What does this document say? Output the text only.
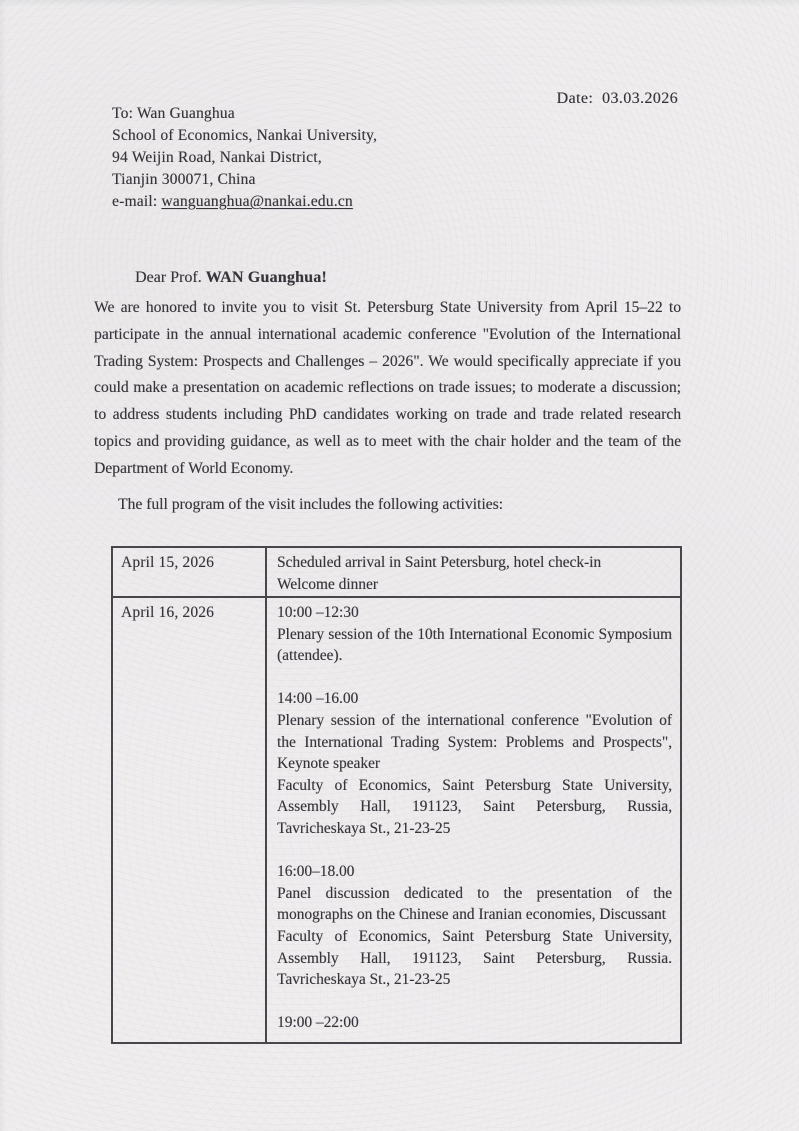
Date:  03.03.2026
To: Wan Guanghua
School of Economics, Nankai University,
94 Weijin Road, Nankai District,
Tianjin 300071, China
e-mail: wanguanghua@nankai.edu.cn

Dear Prof. WAN Guanghua!

We are honored to invite you to visit St. Petersburg State University from April 15–22 to participate in the annual international academic conference "Evolution of the International Trading System: Prospects and Challenges – 2026". We would specifically appreciate if you could make a presentation on academic reflections on trade issues; to moderate a discussion; to address students including PhD candidates working on trade and trade related research topics and providing guidance, as well as to meet with the chair holder and the team of the Department of World Economy.

The full program of the visit includes the following activities:
April 15, 2026	Scheduled arrival in Saint Petersburg, hotel check-in

Welcome dinner

April 16, 2026	10:00 –12:30

Plenary session of the 10th International Economic Symposium (attendee).

14:00 –16.00

Plenary session of the international conference "Evolution of the International Trading System: Problems and Prospects", Keynote speaker

Faculty of Economics, Saint Petersburg State University, Assembly Hall, 191123, Saint Petersburg, Russia, Tavricheskaya St., 21-23-25

16:00–18.00

Panel discussion dedicated to the presentation of the monographs on the Chinese and Iranian economies, Discussant

Faculty of Economics, Saint Petersburg State University, Assembly Hall, 191123, Saint Petersburg, Russia. Tavricheskaya St., 21-23-25

19:00 –22:00
